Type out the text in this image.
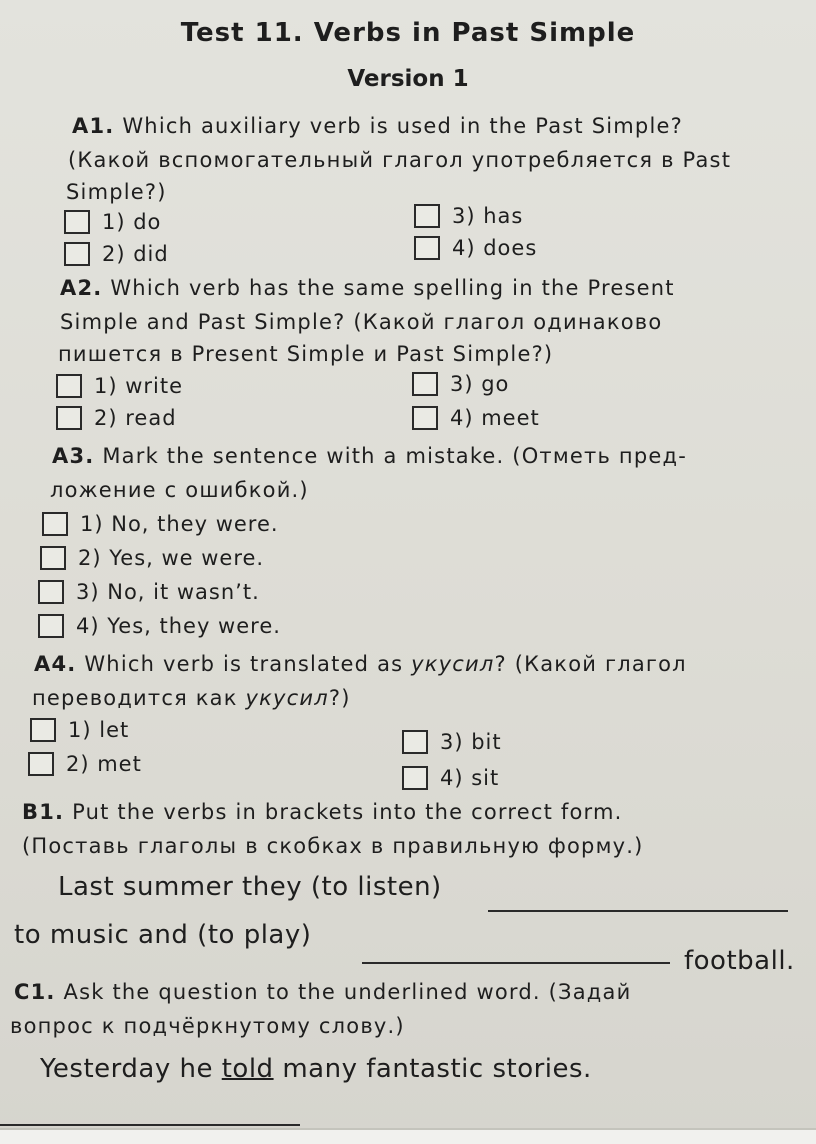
Test 11. Verbs in Past Simple
Version 1
A1. Which auxiliary verb is used in the Past Simple?
(Какой вспомогательный глагол употребляется в Past
Simple?)
1) do
2) did
3) has
4) does
A2. Which verb has the same spelling in the Present
Simple and Past Simple? (Какой глагол одинаково
пишется в Present Simple и Past Simple?)
1) write
2) read
3) go
4) meet
A3. Mark the sentence with a mistake. (Отметь пред-
ложение с ошибкой.)
1) No, they were.
2) Yes, we were.
3) No, it wasn’t.
4) Yes, they were.
A4. Which verb is translated as укусил? (Какой глагол
переводится как укусил?)
1) let
2) met
3) bit
4) sit
B1. Put the verbs in brackets into the correct form.
(Поставь глаголы в скобках в правильную форму.)
Last summer they (to listen)
to music and (to play)
football.
C1. Ask the question to the underlined word. (Задай
вопрос к подчёркнутому слову.)
Yesterday he told many fantastic stories.
